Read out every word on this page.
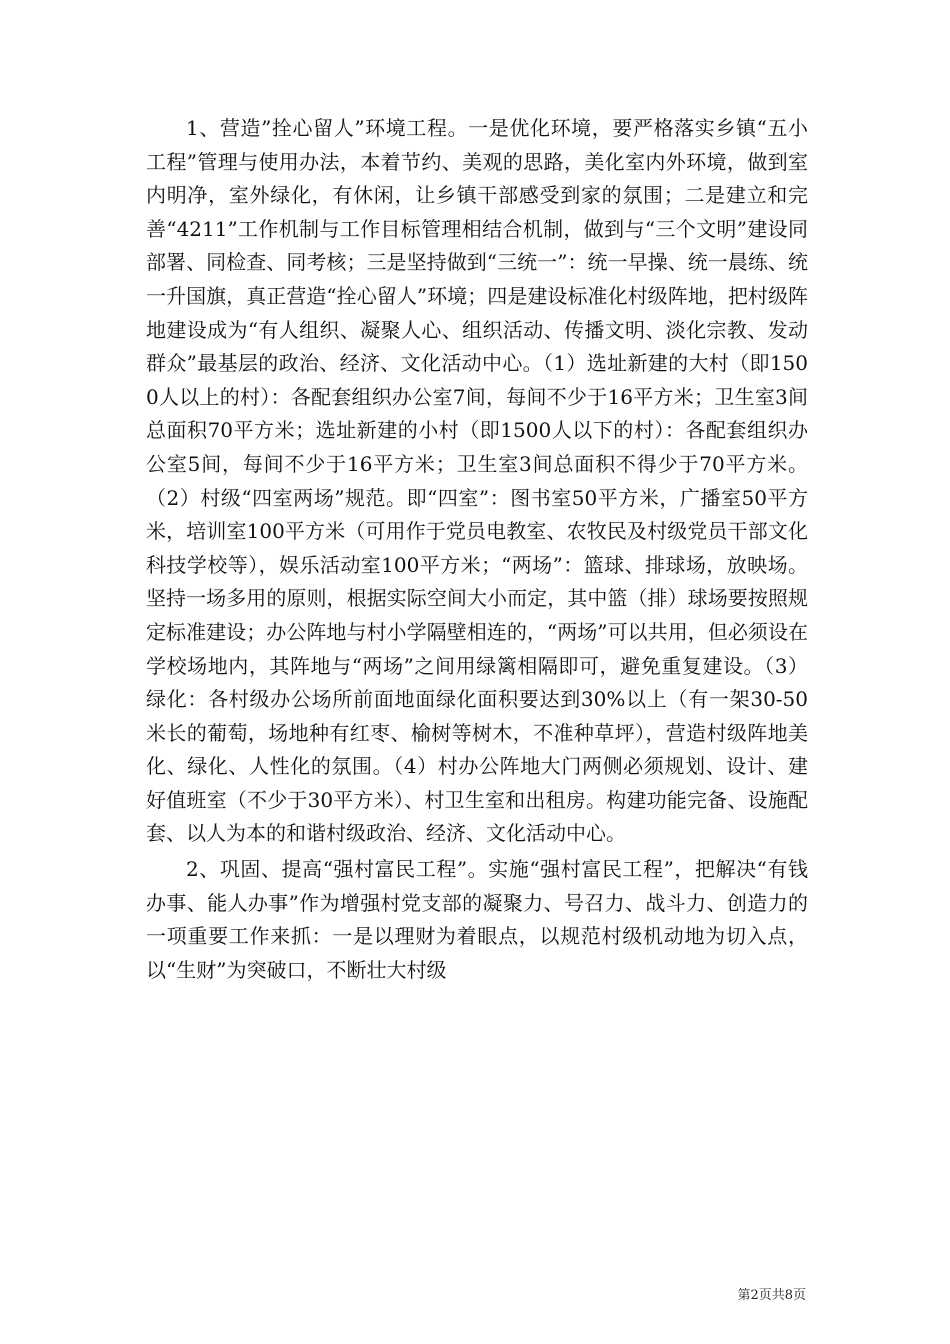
1、营造”拴心留人”环境工程。一是优化环境，要严格落实乡镇“五小工程”管理与使用办法，本着节约、美观的思路，美化室内外环境，做到室内明净，室外绿化，有休闲，让乡镇干部感受到家的氛围；二是建立和完善“4211”工作机制与工作目标管理相结合机制，做到与“三个文明”建设同部署、同检查、同考核；三是坚持做到“三统一”：统一早操、统一晨练、统一升国旗，真正营造“拴心留人”环境；四是建设标准化村级阵地，把村级阵地建设成为“有人组织、凝聚人心、组织活动、传播文明、淡化宗教、发动群众”最基层的政治、经济、文化活动中心。（1）选址新建的大村（即1500人以上的村）：各配套组织办公室7间，每间不少于16平方米；卫生室3间总面积70平方米；选址新建的小村（即1500人以下的村）：各配套组织办公室5间，每间不少于16平方米；卫生室3间总面积不得少于70平方米。（2）村级“四室两场”规范。即“四室”：图书室50平方米，广播室50平方米，培训室100平方米（可用作于党员电教室、农牧民及村级党员干部文化科技学校等），娱乐活动室100平方米；“两场”：篮球、排球场，放映场。坚持一场多用的原则，根据实际空间大小而定，其中篮（排）球场要按照规定标准建设；办公阵地与村小学隔壁相连的，“两场”可以共用，但必须设在学校场地内，其阵地与“两场”之间用绿篱相隔即可，避免重复建设。（3）绿化：各村级办公场所前面地面绿化面积要达到30%以上（有一架30-50米长的葡萄，场地种有红枣、榆树等树木，不准种草坪），营造村级阵地美化、绿化、人性化的氛围。（4）村办公阵地大门两侧必须规划、设计、建好值班室（不少于30平方米）、村卫生室和出租房。构建功能完备、设施配套、以人为本的和谐村级政治、经济、文化活动中心。

2、巩固、提高“强村富民工程”。实施“强村富民工程”，把解决“有钱办事、能人办事”作为增强村党支部的凝聚力、号召力、战斗力、创造力的一项重要工作来抓：一是以理财为着眼点，以规范村级机动地为切入点，以“生财”为突破口，不断壮大村级

第2页共8页
